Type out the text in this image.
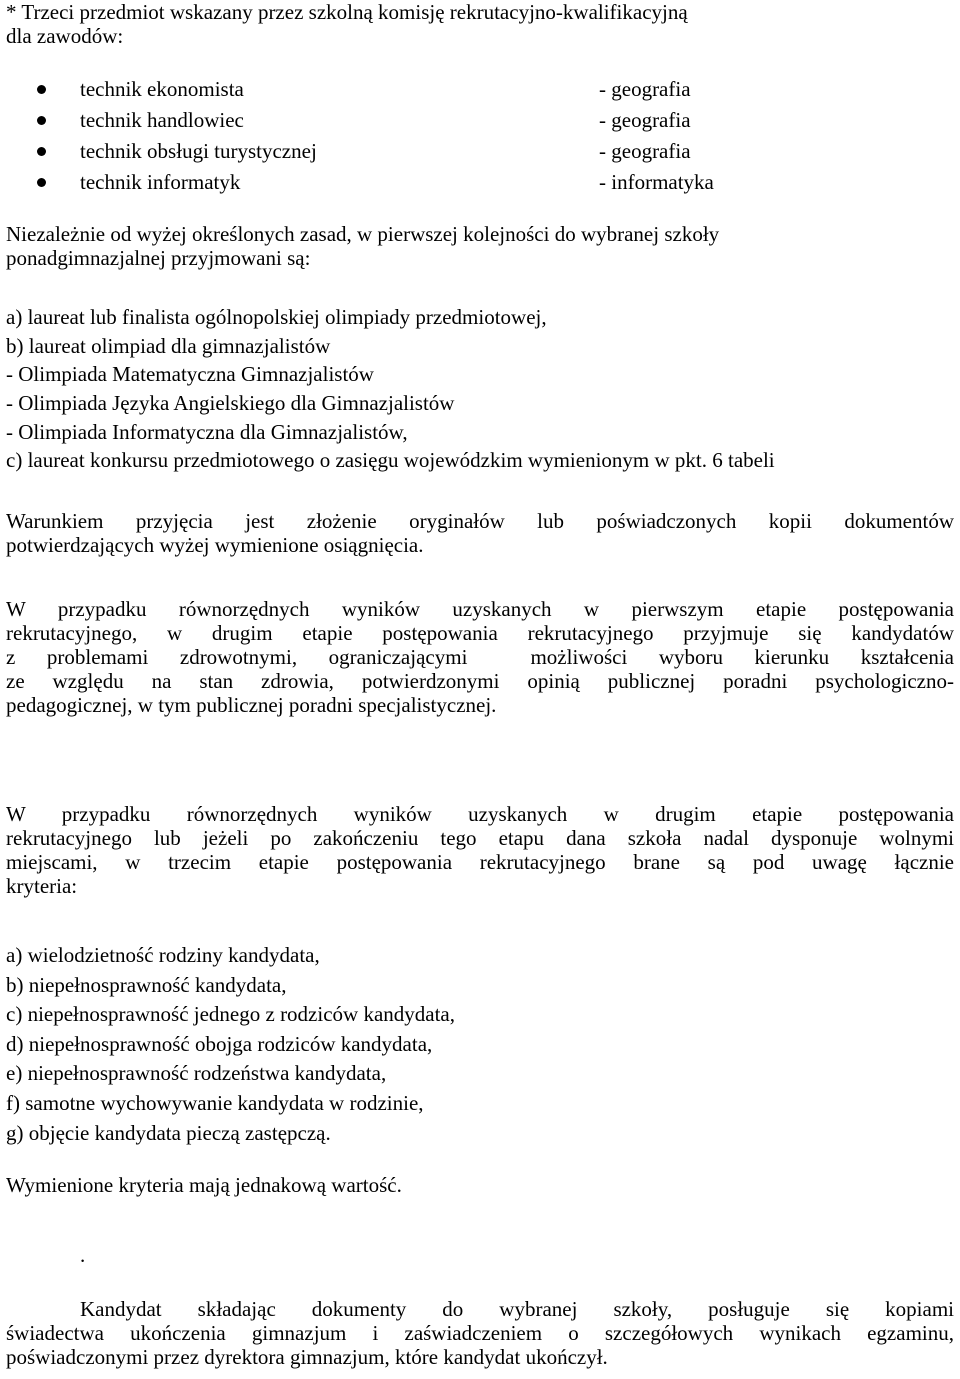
* Trzeci przedmiot wskazany przez szkolną komisję rekrutacyjno-kwalifikacyjną
dla zawodów:
technik ekonomista	- geografia
technik handlowiec	- geografia
technik obsługi turystycznej	- geografia
technik informatyk	- informatyka
Niezależnie od wyżej określonych zasad, w pierwszej kolejności do wybranej szkoły
ponadgimnazjalnej przyjmowani są:
a) laureat lub finalista ogólnopolskiej olimpiady przedmiotowej,
b) laureat olimpiad dla gimnazjalistów
- Olimpiada Matematyczna Gimnazjalistów
- Olimpiada Języka Angielskiego dla Gimnazjalistów
- Olimpiada Informatyczna dla Gimnazjalistów,
c) laureat konkursu przedmiotowego o zasięgu wojewódzkim wymienionym w pkt. 6 tabeli
Warunkiem przyjęcia jest złożenie oryginałów lub poświadczonych kopii dokumentów
potwierdzających wyżej wymienione osiągnięcia.
W przypadku równorzędnych wyników uzyskanych w pierwszym etapie postępowania
rekrutacyjnego, w drugim etapie postępowania rekrutacyjnego przyjmuje się kandydatów
z problemami zdrowotnymi, ograniczającymi  możliwości wyboru kierunku kształcenia
ze względu na stan zdrowia, potwierdzonymi opinią publicznej poradni psychologiczno-
pedagogicznej, w tym publicznej poradni specjalistycznej.
W przypadku równorzędnych wyników uzyskanych w drugim etapie postępowania
rekrutacyjnego lub jeżeli po zakończeniu tego etapu dana szkoła nadal dysponuje wolnymi
miejscami, w trzecim etapie postępowania rekrutacyjnego brane są pod uwagę łącznie
kryteria:
a) wielodzietność rodziny kandydata,
b) niepełnosprawność kandydata,
c) niepełnosprawność jednego z rodziców kandydata,
d) niepełnosprawność obojga rodziców kandydata,
e) niepełnosprawność rodzeństwa kandydata,
f) samotne wychowywanie kandydata w rodzinie,
g) objęcie kandydata pieczą zastępczą.
Wymienione kryteria mają jednakową wartość.
.
Kandydat składając dokumenty do wybranej szkoły, posługuje się kopiami
świadectwa ukończenia gimnazjum i zaświadczeniem o szczegółowych wynikach egzaminu,
poświadczonymi przez dyrektora gimnazjum, które kandydat ukończył.
